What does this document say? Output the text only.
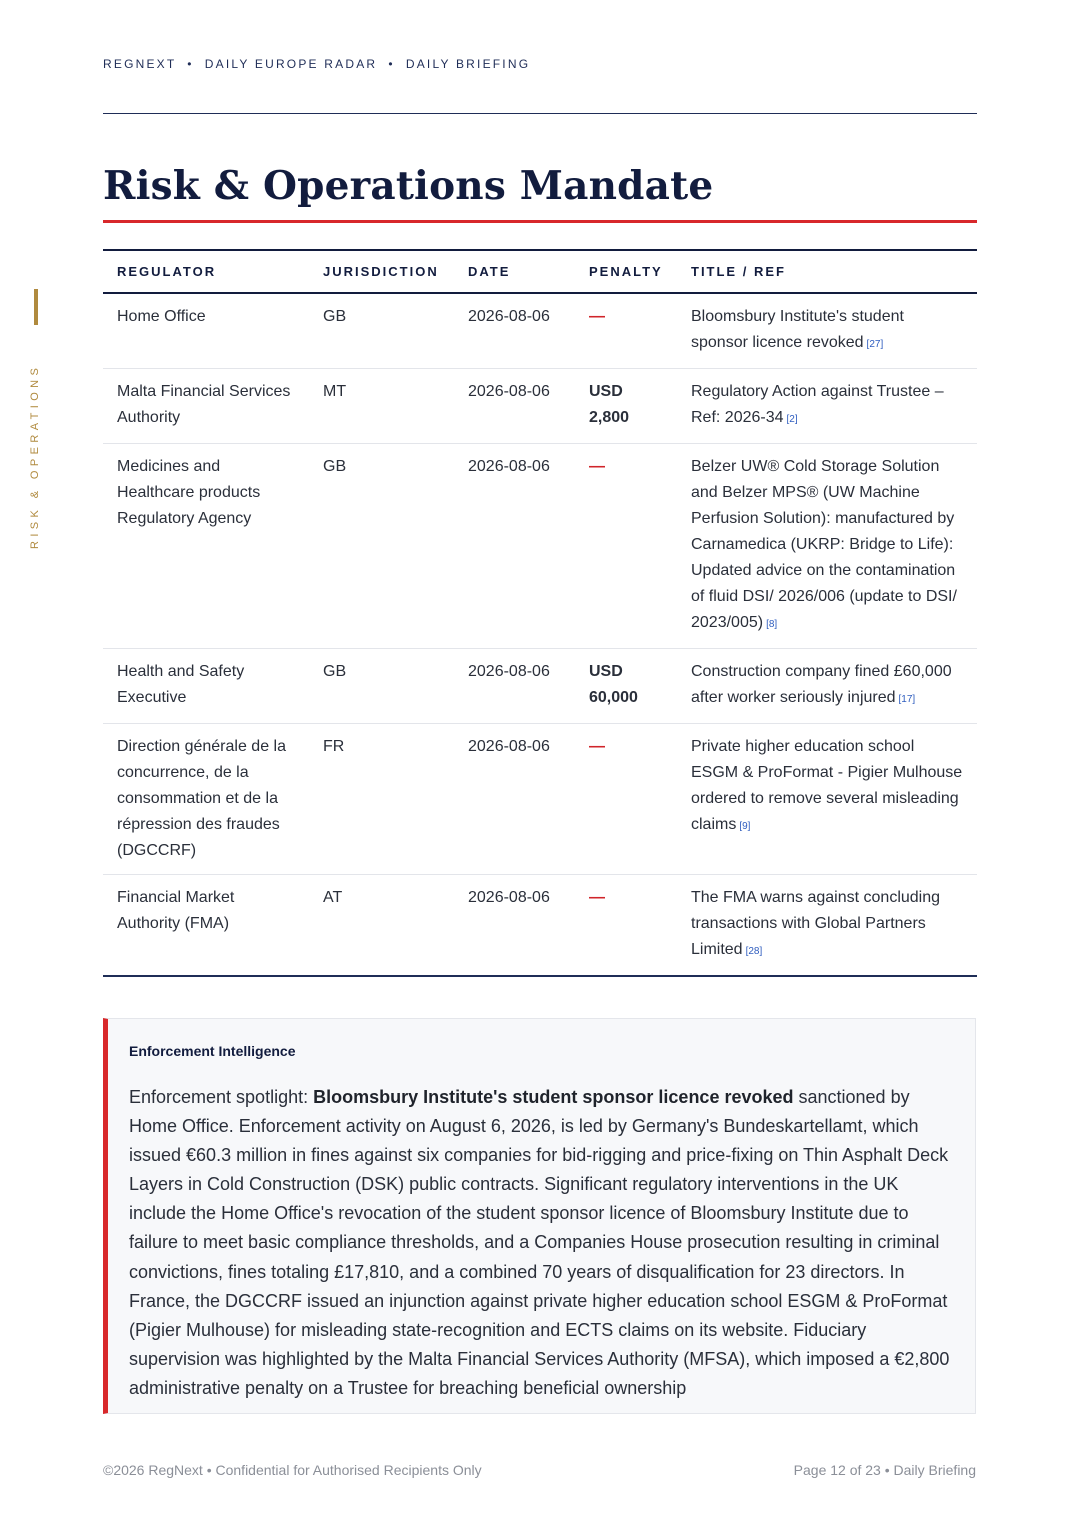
REGNEXT • DAILY EUROPE RADAR • DAILY BRIEFING
RISK & OPERATIONS
Risk & Operations Mandate
REGULATOR	JURISDICTION	DATE	PENALTY	TITLE / REF
Home Office	GB	2026-08-06	—	Bloomsbury Institute's student sponsor licence revoked [27]
Malta Financial Services Authority	MT	2026-08-06	USD 2,800	Regulatory Action against Trustee – Ref: 2026-34 [2]
Medicines and Healthcare products Regulatory Agency	GB	2026-08-06	—	Belzer UW® Cold Storage Solution and Belzer MPS® (UW Machine Perfusion Solution): manufactured by Carnamedica (UKRP: Bridge to Life): Updated advice on the contamination of fluid DSI/ 2026/006 (update to DSI/ 2023/005) [8]
Health and Safety Executive	GB	2026-08-06	USD 60,000	Construction company fined £60,000 after worker seriously injured [17]
Direction générale de la concurrence, de la consommation et de la répression des fraudes (DGCCRF)	FR	2026-08-06	—	Private higher education school ESGM & ProFormat - Pigier Mulhouse ordered to remove several misleading claims [9]
Financial Market Authority (FMA)	AT	2026-08-06	—	The FMA warns against concluding transactions with Global Partners Limited [28]
Enforcement Intelligence

Enforcement spotlight: Bloomsbury Institute's student sponsor licence revoked sanctioned by Home Office. Enforcement activity on August 6, 2026, is led by Germany's Bundeskartellamt, which issued €60.3 million in fines against six companies for bid-rigging and price-fixing on Thin Asphalt Deck Layers in Cold Construction (DSK) public contracts. Significant regulatory interventions in the UK include the Home Office's revocation of the student sponsor licence of Bloomsbury Institute due to failure to meet basic compliance thresholds, and a Companies House prosecution resulting in criminal convictions, fines totaling £17,810, and a combined 70 years of disqualification for 23 directors. In France, the DGCCRF issued an injunction against private higher education school ESGM & ProFormat (Pigier Mulhouse) for misleading state-recognition and ECTS claims on its website. Fiduciary supervision was highlighted by the Malta Financial Services Authority (MFSA), which imposed a €2,800 administrative penalty on a Trustee for breaching beneficial ownership

©2026 RegNext • Confidential for Authorised Recipients Only	Page 12 of 23 • Daily Briefing
